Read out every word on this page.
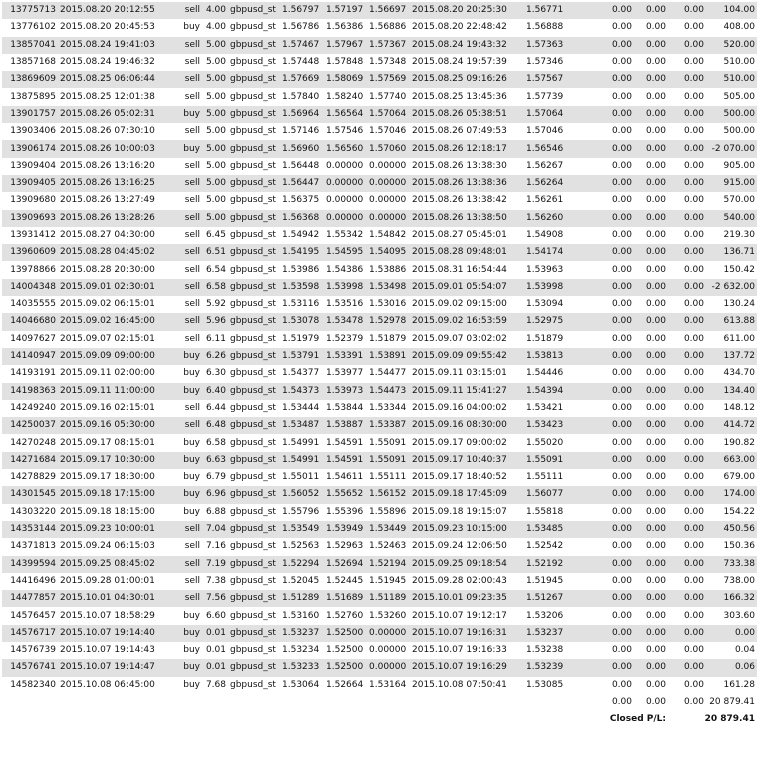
13775713	2015.08.20 20:12:55	sell	4.00	gbpusd_st	1.56797	1.57197	1.56697	2015.08.20 20:25:30	1.56771	0.00	0.00	0.00	104.00
13776102	2015.08.20 20:45:53	buy	4.00	gbpusd_st	1.56786	1.56386	1.56886	2015.08.20 22:48:42	1.56888	0.00	0.00	0.00	408.00
13857041	2015.08.24 19:41:03	sell	5.00	gbpusd_st	1.57467	1.57967	1.57367	2015.08.24 19:43:32	1.57363	0.00	0.00	0.00	520.00
13857168	2015.08.24 19:46:32	sell	5.00	gbpusd_st	1.57448	1.57848	1.57348	2015.08.24 19:57:39	1.57346	0.00	0.00	0.00	510.00
13869609	2015.08.25 06:06:44	sell	5.00	gbpusd_st	1.57669	1.58069	1.57569	2015.08.25 09:16:26	1.57567	0.00	0.00	0.00	510.00
13875895	2015.08.25 12:01:38	sell	5.00	gbpusd_st	1.57840	1.58240	1.57740	2015.08.25 13:45:36	1.57739	0.00	0.00	0.00	505.00
13901757	2015.08.26 05:02:31	buy	5.00	gbpusd_st	1.56964	1.56564	1.57064	2015.08.26 05:38:51	1.57064	0.00	0.00	0.00	500.00
13903406	2015.08.26 07:30:10	sell	5.00	gbpusd_st	1.57146	1.57546	1.57046	2015.08.26 07:49:53	1.57046	0.00	0.00	0.00	500.00
13906174	2015.08.26 10:00:03	buy	5.00	gbpusd_st	1.56960	1.56560	1.57060	2015.08.26 12:18:17	1.56546	0.00	0.00	0.00	-2 070.00
13909404	2015.08.26 13:16:20	sell	5.00	gbpusd_st	1.56448	0.00000	0.00000	2015.08.26 13:38:30	1.56267	0.00	0.00	0.00	905.00
13909405	2015.08.26 13:16:25	sell	5.00	gbpusd_st	1.56447	0.00000	0.00000	2015.08.26 13:38:36	1.56264	0.00	0.00	0.00	915.00
13909680	2015.08.26 13:27:49	sell	5.00	gbpusd_st	1.56375	0.00000	0.00000	2015.08.26 13:38:42	1.56261	0.00	0.00	0.00	570.00
13909693	2015.08.26 13:28:26	sell	5.00	gbpusd_st	1.56368	0.00000	0.00000	2015.08.26 13:38:50	1.56260	0.00	0.00	0.00	540.00
13931412	2015.08.27 04:30:00	sell	6.45	gbpusd_st	1.54942	1.55342	1.54842	2015.08.27 05:45:01	1.54908	0.00	0.00	0.00	219.30
13960609	2015.08.28 04:45:02	sell	6.51	gbpusd_st	1.54195	1.54595	1.54095	2015.08.28 09:48:01	1.54174	0.00	0.00	0.00	136.71
13978866	2015.08.28 20:30:00	sell	6.54	gbpusd_st	1.53986	1.54386	1.53886	2015.08.31 16:54:44	1.53963	0.00	0.00	0.00	150.42
14004348	2015.09.01 02:30:01	sell	6.58	gbpusd_st	1.53598	1.53998	1.53498	2015.09.01 05:54:07	1.53998	0.00	0.00	0.00	-2 632.00
14035555	2015.09.02 06:15:01	sell	5.92	gbpusd_st	1.53116	1.53516	1.53016	2015.09.02 09:15:00	1.53094	0.00	0.00	0.00	130.24
14046680	2015.09.02 16:45:00	sell	5.96	gbpusd_st	1.53078	1.53478	1.52978	2015.09.02 16:53:59	1.52975	0.00	0.00	0.00	613.88
14097627	2015.09.07 02:15:01	sell	6.11	gbpusd_st	1.51979	1.52379	1.51879	2015.09.07 03:02:02	1.51879	0.00	0.00	0.00	611.00
14140947	2015.09.09 09:00:00	buy	6.26	gbpusd_st	1.53791	1.53391	1.53891	2015.09.09 09:55:42	1.53813	0.00	0.00	0.00	137.72
14193191	2015.09.11 02:00:00	buy	6.30	gbpusd_st	1.54377	1.53977	1.54477	2015.09.11 03:15:01	1.54446	0.00	0.00	0.00	434.70
14198363	2015.09.11 11:00:00	buy	6.40	gbpusd_st	1.54373	1.53973	1.54473	2015.09.11 15:41:27	1.54394	0.00	0.00	0.00	134.40
14249240	2015.09.16 02:15:01	sell	6.44	gbpusd_st	1.53444	1.53844	1.53344	2015.09.16 04:00:02	1.53421	0.00	0.00	0.00	148.12
14250037	2015.09.16 05:30:00	sell	6.48	gbpusd_st	1.53487	1.53887	1.53387	2015.09.16 08:30:00	1.53423	0.00	0.00	0.00	414.72
14270248	2015.09.17 08:15:01	buy	6.58	gbpusd_st	1.54991	1.54591	1.55091	2015.09.17 09:00:02	1.55020	0.00	0.00	0.00	190.82
14271684	2015.09.17 10:30:00	buy	6.63	gbpusd_st	1.54991	1.54591	1.55091	2015.09.17 10:40:37	1.55091	0.00	0.00	0.00	663.00
14278829	2015.09.17 18:30:00	buy	6.79	gbpusd_st	1.55011	1.54611	1.55111	2015.09.17 18:40:52	1.55111	0.00	0.00	0.00	679.00
14301545	2015.09.18 17:15:00	buy	6.96	gbpusd_st	1.56052	1.55652	1.56152	2015.09.18 17:45:09	1.56077	0.00	0.00	0.00	174.00
14303220	2015.09.18 18:15:00	buy	6.88	gbpusd_st	1.55796	1.55396	1.55896	2015.09.18 19:15:07	1.55818	0.00	0.00	0.00	154.22
14353144	2015.09.23 10:00:01	sell	7.04	gbpusd_st	1.53549	1.53949	1.53449	2015.09.23 10:15:00	1.53485	0.00	0.00	0.00	450.56
14371813	2015.09.24 06:15:03	sell	7.16	gbpusd_st	1.52563	1.52963	1.52463	2015.09.24 12:06:50	1.52542	0.00	0.00	0.00	150.36
14399594	2015.09.25 08:45:02	sell	7.19	gbpusd_st	1.52294	1.52694	1.52194	2015.09.25 09:18:54	1.52192	0.00	0.00	0.00	733.38
14416496	2015.09.28 01:00:01	sell	7.38	gbpusd_st	1.52045	1.52445	1.51945	2015.09.28 02:00:43	1.51945	0.00	0.00	0.00	738.00
14477857	2015.10.01 04:30:01	sell	7.56	gbpusd_st	1.51289	1.51689	1.51189	2015.10.01 09:23:35	1.51267	0.00	0.00	0.00	166.32
14576457	2015.10.07 18:58:29	buy	6.60	gbpusd_st	1.53160	1.52760	1.53260	2015.10.07 19:12:17	1.53206	0.00	0.00	0.00	303.60
14576717	2015.10.07 19:14:40	buy	0.01	gbpusd_st	1.53237	1.52500	0.00000	2015.10.07 19:16:31	1.53237	0.00	0.00	0.00	0.00
14576739	2015.10.07 19:14:43	buy	0.01	gbpusd_st	1.53234	1.52500	0.00000	2015.10.07 19:16:33	1.53238	0.00	0.00	0.00	0.04
14576741	2015.10.07 19:14:47	buy	0.01	gbpusd_st	1.53233	1.52500	0.00000	2015.10.07 19:16:29	1.53239	0.00	0.00	0.00	0.06
14582340	2015.10.08 06:45:00	buy	7.68	gbpusd_st	1.53064	1.52664	1.53164	2015.10.08 07:50:41	1.53085	0.00	0.00	0.00	161.28
										0.00	0.00	0.00	20 879.41
										Closed P/L:		20 879.41	
